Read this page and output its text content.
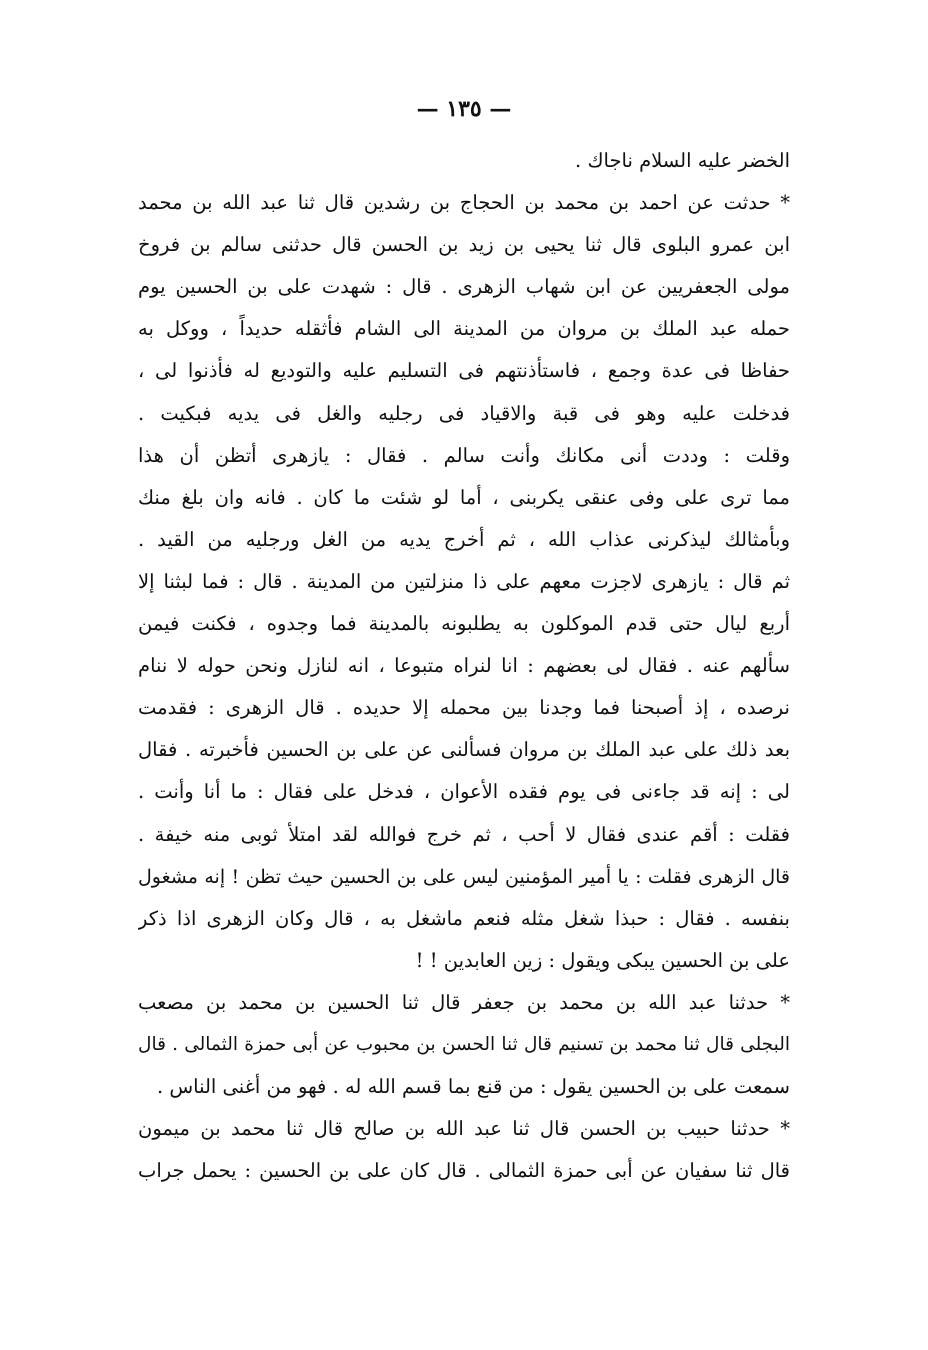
— ١٣٥ —
الخضر عليه السلام ناجاك .
* حدثت عن احمد بن محمد بن الحجاج بن رشدين قال ثنا عبد الله بن محمد
ابن عمرو البلوى قال ثنا يحيى بن زيد بن الحسن قال حدثنى سالم بن فروخ
مولى الجعفريين عن ابن شهاب الزهرى . قال : شهدت على بن الحسين يوم
حمله عبد الملك بن مروان من المدينة الى الشام فأثقله حديداً ، ووكل به
حفاظا فى عدة وجمع ، فاستأذنتهم فى التسليم عليه والتوديع له فأذنوا لى ،
فدخلت عليه وهو فى قبة والاقياد فى رجليه والغل فى يديه فبكيت .
وقلت : وددت أنى مكانك وأنت سالم . فقال : يازهرى أتظن أن هذا
مما ترى على وفى عنقى يكربنى ، أما لو شئت ما كان . فانه وان بلغ منك
وبأمثالك ليذكرنى عذاب الله ، ثم أخرج يديه من الغل ورجليه من القيد .
ثم قال : يازهرى لاجزت معهم على ذا منزلتين من المدينة . قال : فما لبثنا إلا
أربع ليال حتى قدم الموكلون به يطلبونه بالمدينة فما وجدوه ، فكنت فيمن
سألهم عنه . فقال لى بعضهم : انا لنراه متبوعا ، انه لنازل ونحن حوله لا ننام
نرصده ، إذ أصبحنا فما وجدنا بين محمله إلا حديده . قال الزهرى : فقدمت
بعد ذلك على عبد الملك بن مروان فسألنى عن على بن الحسين فأخبرته . فقال
لى : إنه قد جاءنى فى يوم فقده الأعوان ، فدخل على فقال : ما أنا وأنت .
فقلت : أقم عندى فقال لا أحب ، ثم خرج فوالله لقد امتلأ ثوبى منه خيفة .
قال الزهرى فقلت : يا أمير المؤمنين ليس على بن الحسين حيث تظن ! إنه مشغول
بنفسه . فقال : حبذا شغل مثله فنعم ماشغل به ، قال وكان الزهرى اذا ذكر
على بن الحسين يبكى ويقول : زين العابدين ! !
* حدثنا عبد الله بن محمد بن جعفر قال ثنا الحسين بن محمد بن مصعب
البجلى قال ثنا محمد بن تسنيم قال ثنا الحسن بن محبوب عن أبى حمزة الثمالى . قال
سمعت على بن الحسين يقول : من قنع بما قسم الله له . فهو من أغنى الناس .
* حدثنا حبيب بن الحسن قال ثنا عبد الله بن صالح قال ثنا محمد بن ميمون
قال ثنا سفيان عن أبى حمزة الثمالى . قال كان على بن الحسين : يحمل جراب
